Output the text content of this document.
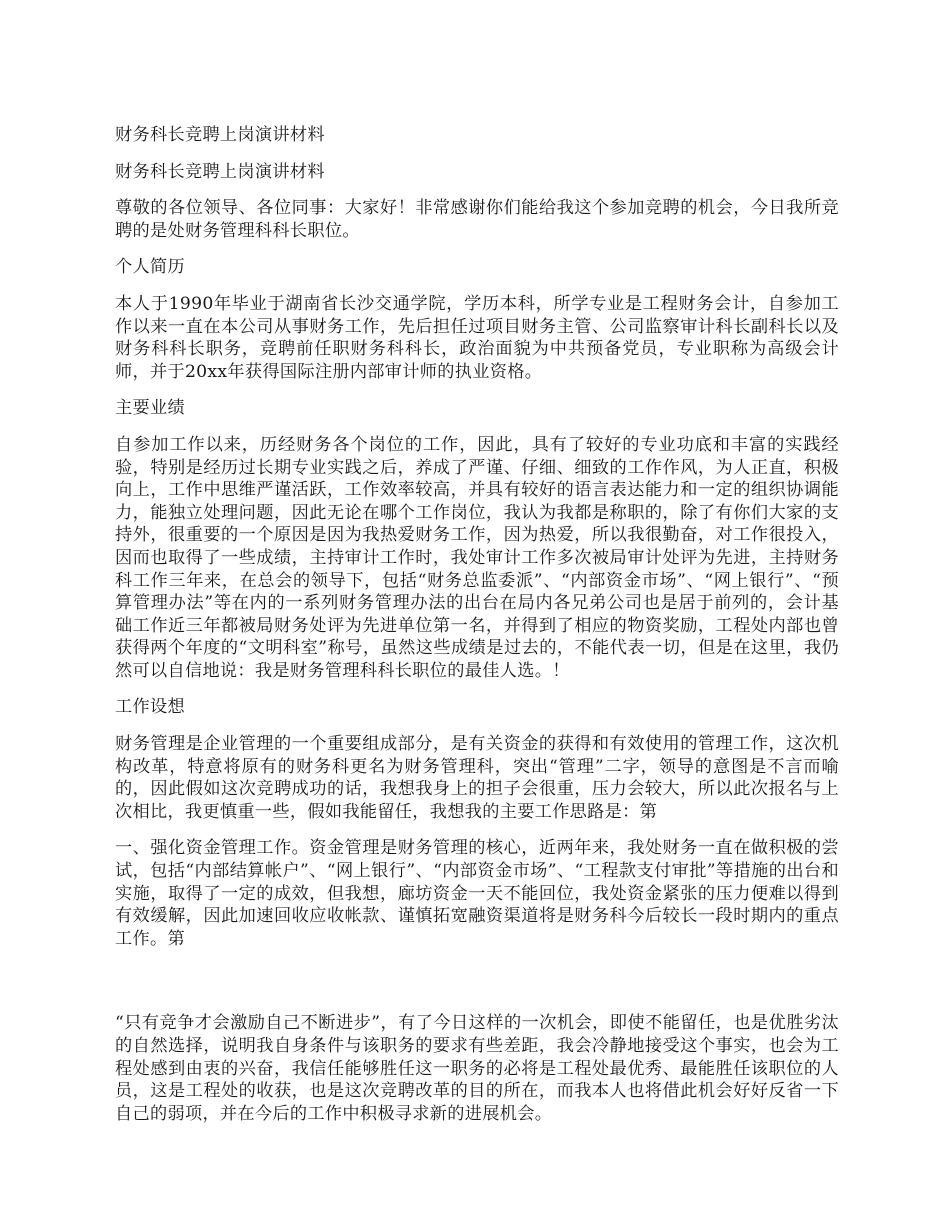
财务科长竞聘上岗演讲材料

财务科长竞聘上岗演讲材料

尊敬的各位领导、各位同事：大家好！非常感谢你们能给我这个参加竞聘的机会，今日我所竞聘的是处财务管理科科长职位。

个人简历

本人于1990年毕业于湖南省长沙交通学院，学历本科，所学专业是工程财务会计，自参加工作以来一直在本公司从事财务工作，先后担任过项目财务主管、公司监察审计科长副科长以及财务科科长职务，竞聘前任职财务科科长，政治面貌为中共预备党员，专业职称为高级会计师，并于20xx年获得国际注册内部审计师的执业资格。

主要业绩

自参加工作以来，历经财务各个岗位的工作，因此，具有了较好的专业功底和丰富的实践经验，特别是经历过长期专业实践之后，养成了严谨、仔细、细致的工作作风，为人正直，积极向上，工作中思维严谨活跃，工作效率较高，并具有较好的语言表达能力和一定的组织协调能力，能独立处理问题，因此无论在哪个工作岗位，我认为我都是称职的，除了有你们大家的支持外，很重要的一个原因是因为我热爱财务工作，因为热爱，所以我很勤奋，对工作很投入，因而也取得了一些成绩，主持审计工作时，我处审计工作多次被局审计处评为先进，主持财务科工作三年来，在总会的领导下，包括“财务总监委派”、“内部资金市场”、“网上银行”、“预算管理办法”等在内的一系列财务管理办法的出台在局内各兄弟公司也是居于前列的，会计基础工作近三年都被局财务处评为先进单位第一名，并得到了相应的物资奖励，工程处内部也曾获得两个年度的“文明科室”称号，虽然这些成绩是过去的，不能代表一切，但是在这里，我仍然可以自信地说：我是财务管理科科长职位的最佳人选。！

工作设想

财务管理是企业管理的一个重要组成部分，是有关资金的获得和有效使用的管理工作，这次机构改革，特意将原有的财务科更名为财务管理科，突出“管理”二字，领导的意图是不言而喻的，因此假如这次竞聘成功的话，我想我身上的担子会很重，压力会较大，所以此次报名与上次相比，我更慎重一些，假如我能留任，我想我的主要工作思路是：第

一、强化资金管理工作。资金管理是财务管理的核心，近两年来，我处财务一直在做积极的尝试，包括“内部结算帐户”、“网上银行”、“内部资金市场”、“工程款支付审批”等措施的出台和实施，取得了一定的成效，但我想，廊坊资金一天不能回位，我处资金紧张的压力便难以得到有效缓解，因此加速回收应收帐款、谨慎拓宽融资渠道将是财务科今后较长一段时期内的重点工作。第

“只有竞争才会激励自己不断进步”，有了今日这样的一次机会，即使不能留任，也是优胜劣汰的自然选择，说明我自身条件与该职务的要求有些差距，我会冷静地接受这个事实，也会为工程处感到由衷的兴奋，我信任能够胜任这一职务的必将是工程处最优秀、最能胜任该职位的人员，这是工程处的收获，也是这次竞聘改革的目的所在，而我本人也将借此机会好好反省一下自己的弱项，并在今后的工作中积极寻求新的进展机会。
